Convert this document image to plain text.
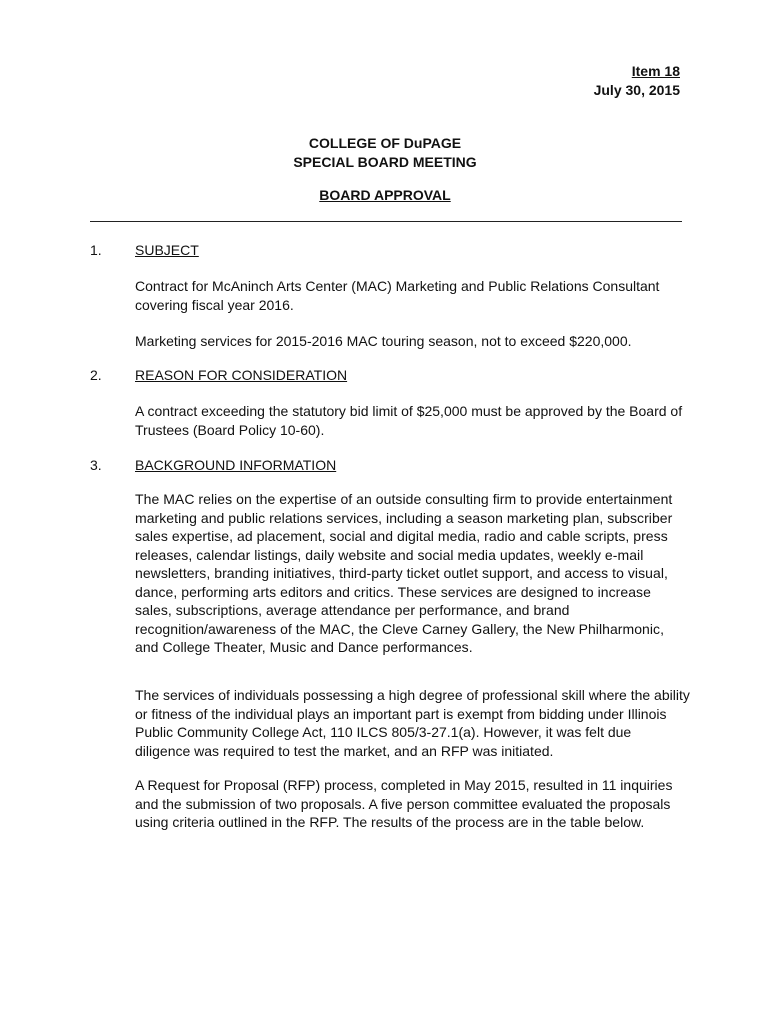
Item 18
July 30, 2015
COLLEGE OF DuPAGE
SPECIAL BOARD MEETING
BOARD APPROVAL
1. SUBJECT

Contract for McAninch Arts Center (MAC) Marketing and Public Relations Consultant covering fiscal year 2016.

Marketing services for 2015-2016 MAC touring season, not to exceed $220,000.

2. REASON FOR CONSIDERATION

A contract exceeding the statutory bid limit of $25,000 must be approved by the Board of Trustees (Board Policy 10-60).

3. BACKGROUND INFORMATION

The MAC relies on the expertise of an outside consulting firm to provide entertainment marketing and public relations services, including a season marketing plan, subscriber sales expertise, ad placement, social and digital media, radio and cable scripts, press releases, calendar listings, daily website and social media updates, weekly e-mail newsletters, branding initiatives, third-party ticket outlet support, and access to visual, dance, performing arts editors and critics. These services are designed to increase sales, subscriptions, average attendance per performance, and brand recognition/awareness of the MAC, the Cleve Carney Gallery, the New Philharmonic, and College Theater, Music and Dance performances.

The services of individuals possessing a high degree of professional skill where the ability or fitness of the individual plays an important part is exempt from bidding under Illinois Public Community College Act, 110 ILCS 805/3-27.1(a). However, it was felt due diligence was required to test the market, and an RFP was initiated.

A Request for Proposal (RFP) process, completed in May 2015, resulted in 11 inquiries and the submission of two proposals. A five person committee evaluated the proposals using criteria outlined in the RFP. The results of the process are in the table below.
